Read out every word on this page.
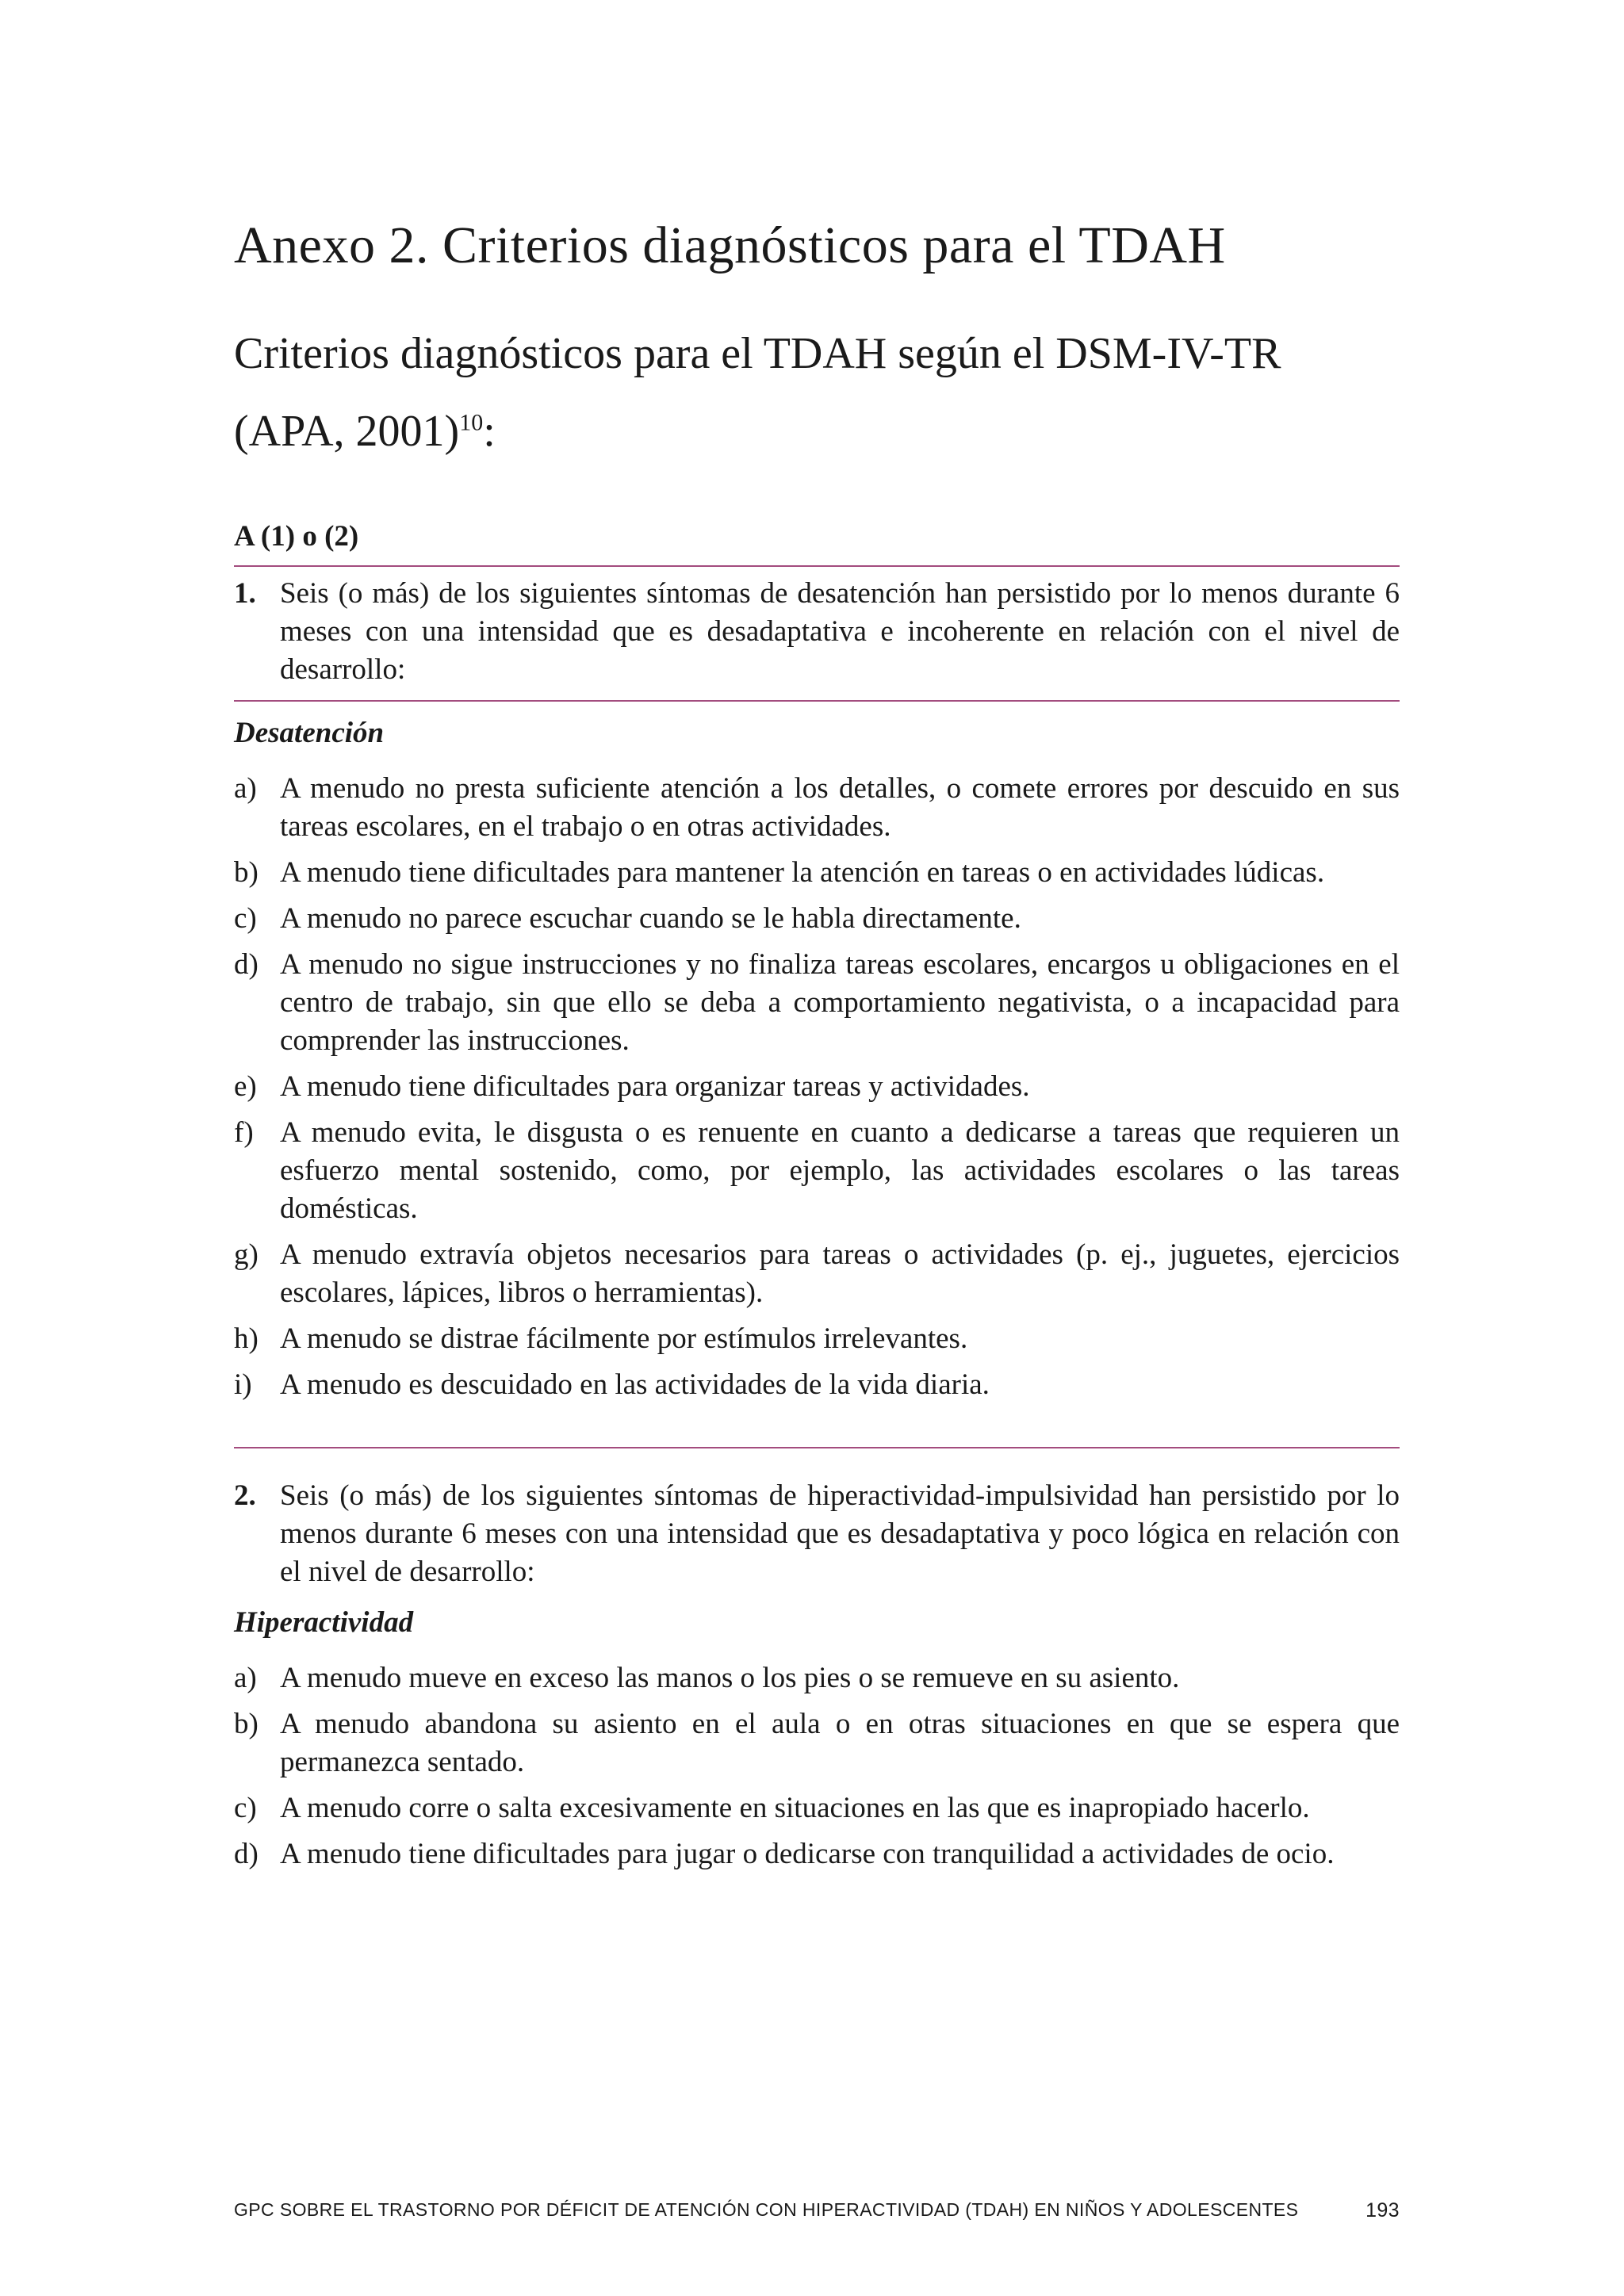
Anexo 2. Criterios diagnósticos para el TDAH
Criterios diagnósticos para el TDAH según el DSM-IV-TR (APA, 2001)$^{10}$:
A (1) o (2)
1. Seis (o más) de los siguientes síntomas de desatención han persistido por lo menos durante 6 meses con una intensidad que es desadaptativa e incoherente en relación con el nivel de desarrollo:
Desatención
a) A menudo no presta suficiente atención a los detalles, o comete errores por descuido en sus tareas escolares, en el trabajo o en otras actividades.
b) A menudo tiene dificultades para mantener la atención en tareas o en actividades lúdicas.
c) A menudo no parece escuchar cuando se le habla directamente.
d) A menudo no sigue instrucciones y no finaliza tareas escolares, encargos u obligaciones en el centro de trabajo, sin que ello se deba a comportamiento negativista, o a incapacidad para comprender las instrucciones.
e) A menudo tiene dificultades para organizar tareas y actividades.
f) A menudo evita, le disgusta o es renuente en cuanto a dedicarse a tareas que requieren un esfuerzo mental sostenido, como, por ejemplo, las actividades escolares o las tareas domésticas.
g) A menudo extravía objetos necesarios para tareas o actividades (p. ej., juguetes, ejercicios escolares, lápices, libros o herramientas).
h) A menudo se distrae fácilmente por estímulos irrelevantes.
i) A menudo es descuidado en las actividades de la vida diaria.
2. Seis (o más) de los siguientes síntomas de hiperactividad-impulsividad han persistido por lo menos durante 6 meses con una intensidad que es desadaptativa y poco lógica en relación con el nivel de desarrollo:
Hiperactividad
a) A menudo mueve en exceso las manos o los pies o se remueve en su asiento.
b) A menudo abandona su asiento en el aula o en otras situaciones en que se espera que permanezca sentado.
c) A menudo corre o salta excesivamente en situaciones en las que es inapropiado hacerlo.
d) A menudo tiene dificultades para jugar o dedicarse con tranquilidad a actividades de ocio.
GPC SOBRE EL TRASTORNO POR DÉFICIT DE ATENCIÓN CON HIPERACTIVIDAD (TDAH) EN NIÑOS Y ADOLESCENTES	193
